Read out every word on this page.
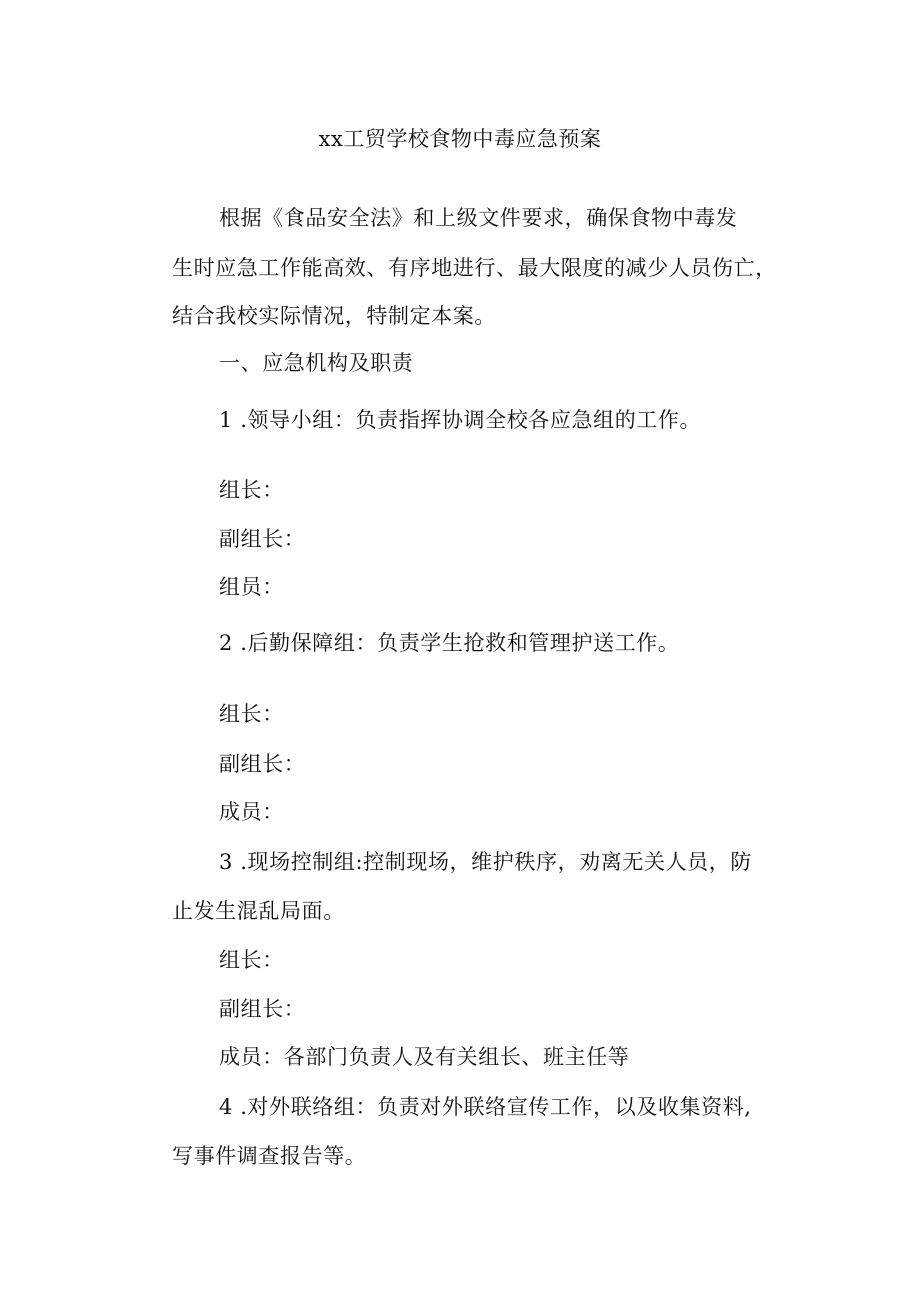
xx工贸学校食物中毒应急预案
根据《食品安全法》和上级文件要求，确保食物中毒发
生时应急工作能高效、有序地进行、最大限度的减少人员伤亡，
结合我校实际情况，特制定本案。
一、应急机构及职责
1 .领导小组：负责指挥协调全校各应急组的工作。
组长：
副组长：
组员：
2 .后勤保障组：负责学生抢救和管理护送工作。
组长：
副组长：
成员：
3 .现场控制组:控制现场，维护秩序，劝离无关人员，防
止发生混乱局面。
组长：
副组长：
成员：各部门负责人及有关组长、班主任等
4 .对外联络组：负责对外联络宣传工作，以及收集资料,
写事件调查报告等。
